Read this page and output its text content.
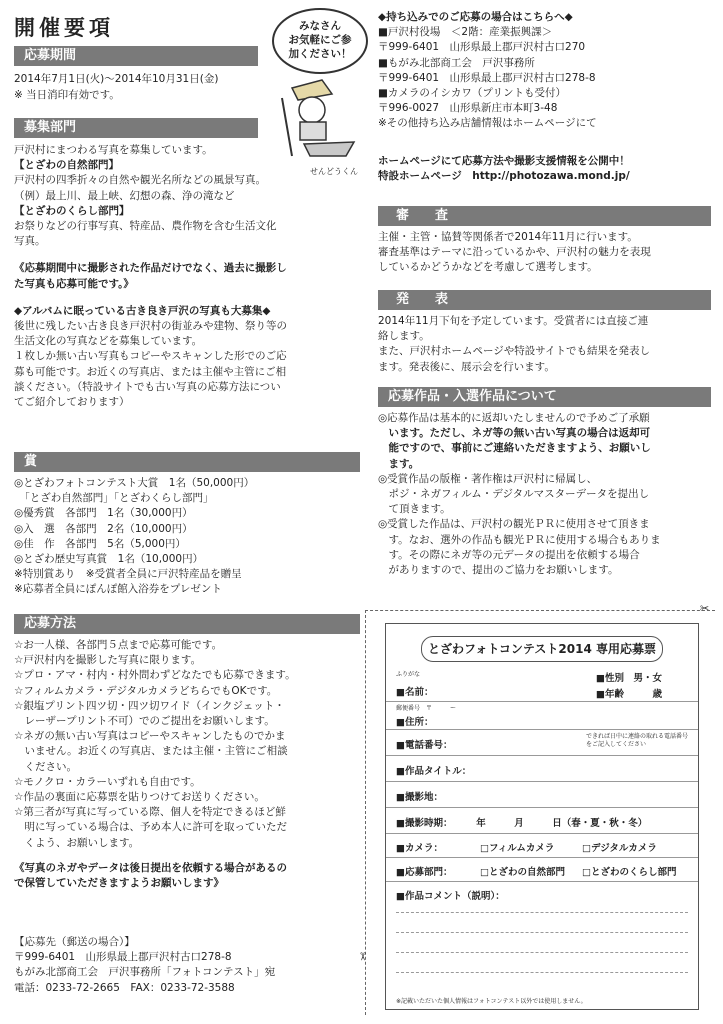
開催要項
応募期間

2014年7月1日(火)〜2014年10月31日(金)

※ 当日消印有効です。

募集部門

戸沢村にまつわる写真を募集しています。

【とざわの自然部門】

戸沢村の四季折々の自然や観光名所などの風景写真。

（例）最上川、最上峡、幻想の森、浄の滝など

【とざわのくらし部門】

お祭りなどの行事写真、特産品、農作物を含む生活文化

写真。

《応募期間中に撮影された作品だけでなく、過去に撮影し

た写真も応募可能です。》

◆アルバムに眠っている古き良き戸沢の写真も大募集◆

後世に残したい古き良き戸沢村の街並みや建物、祭り等の

生活文化の写真などを募集しています。

１枚しか無い古い写真もコピーやスキャンした形でのご応

募も可能です。お近くの写真店、または主催や主管にご相

談ください。（特設サイトでも古い写真の応募方法につい

てご紹介しております）

賞

◎とざわフォトコンテスト大賞　1名（50,000円）

　「とざわ自然部門」「とざわくらし部門」

◎優秀賞　各部門　1名（30,000円）

◎入　選　各部門　2名（10,000円）

◎佳　作　各部門　5名（5,000円）

◎とざわ歴史写真賞　1名（10,000円）

※特別賞あり　※受賞者全員に戸沢特産品を贈呈

※応募者全員にぽんぽ館入浴券をプレゼント

応募方法

☆お一人様、各部門５点まで応募可能です。

☆戸沢村内を撮影した写真に限ります。

☆プロ・アマ・村内・村外問わずどなたでも応募できます。

☆フィルムカメラ・デジタルカメラどちらでもOKです。

☆銀塩プリント四ツ切・四ツ切ワイド（インクジェット・

　レーザープリント不可）でのご提出をお願いします。

☆ネガの無い古い写真はコピーやスキャンしたものでかま

　いません。お近くの写真店、または主催・主管にご相談

　ください。

☆モノクロ・カラーいずれも自由です。

☆作品の裏面に応募票を貼りつけてお送りください。

☆第三者が写真に写っている際、個人を特定できるほど鮮

　明に写っている場合は、予め本人に許可を取っていただ

　くよう、お願いします。

《写真のネガやデータは後日提出を依頼する場合があるの

で保管していただきますようお願いします》

【応募先（郵送の場合）】

〒999-6401　山形県最上郡戸沢村古口278-8

もがみ北部商工会　戸沢事務所「フォトコンテスト」宛

電話：0233-72-2665　FAX：0233-72-3588

みなさん
お気軽にご参
加ください！
せんどうくん

◆持ち込みでのご応募の場合はこちらへ◆

■戸沢村役場　＜2階：産業振興課＞

〒999-6401　山形県最上郡戸沢村古口270

■もがみ北部商工会　戸沢事務所

〒999-6401　山形県最上郡戸沢村古口278-8

■カメラのイシカワ（プリントも受付）

〒996-0027　山形県新庄市本町3-48

※その他持ち込み店舗情報はホームページにて

ホームページにて応募方法や撮影支援情報を公開中！

特設ホームページ　http://photozawa.mond.jp/

審　　査

主催・主管・協賛等関係者で2014年11月に行います。

審査基準はテーマに沿っているかや、戸沢村の魅力を表現

しているかどうかなどを考慮して選考します。

発　　表

2014年11月下旬を予定しています。受賞者には直接ご連

絡します。

また、戸沢村ホームページや特設サイトでも結果を発表し

ます。発表後に、展示会を行います。

応募作品・入選作品について

◎応募作品は基本的に返却いたしませんので予めご了承願

　います。ただし、ネガ等の無い古い写真の場合は返却可

　能ですので、事前にご連絡いただきますよう、お願いし

　ます。

◎受賞作品の版権・著作権は戸沢村に帰属し、

　ポジ・ネガフィルム・デジタルマスターデータを提出し

　て頂きます。

◎受賞した作品は、戸沢村の観光ＰＲに使用させて頂きま

　す。なお、選外の作品も観光ＰＲに使用する場合もありま

　す。その際にネガ等の元データの提出を依頼する場合

　がありますので、提出のご協力をお願いします。

✂
✂
とざわフォトコンテスト2014 専用応募票
ふりがな
■名前：
■性別　男・女
■年齢　　　歳
郵便番号　〒　　　ー
■住所：
■電話番号：
できれば日中に連絡の取れる電話番号をご記入してください
■作品タイトル：
■撮影地：
■撮影時期：　　　年　　　月　　　日（春・夏・秋・冬）
■カメラ：	□フィルムカメラ	□デジタルカメラ
■応募部門：	□とざわの自然部門 □とざわのくらし部門
■作品コメント（説明）：
※記載いただいた個人情報はフォトコンテスト以外では使用しません。
